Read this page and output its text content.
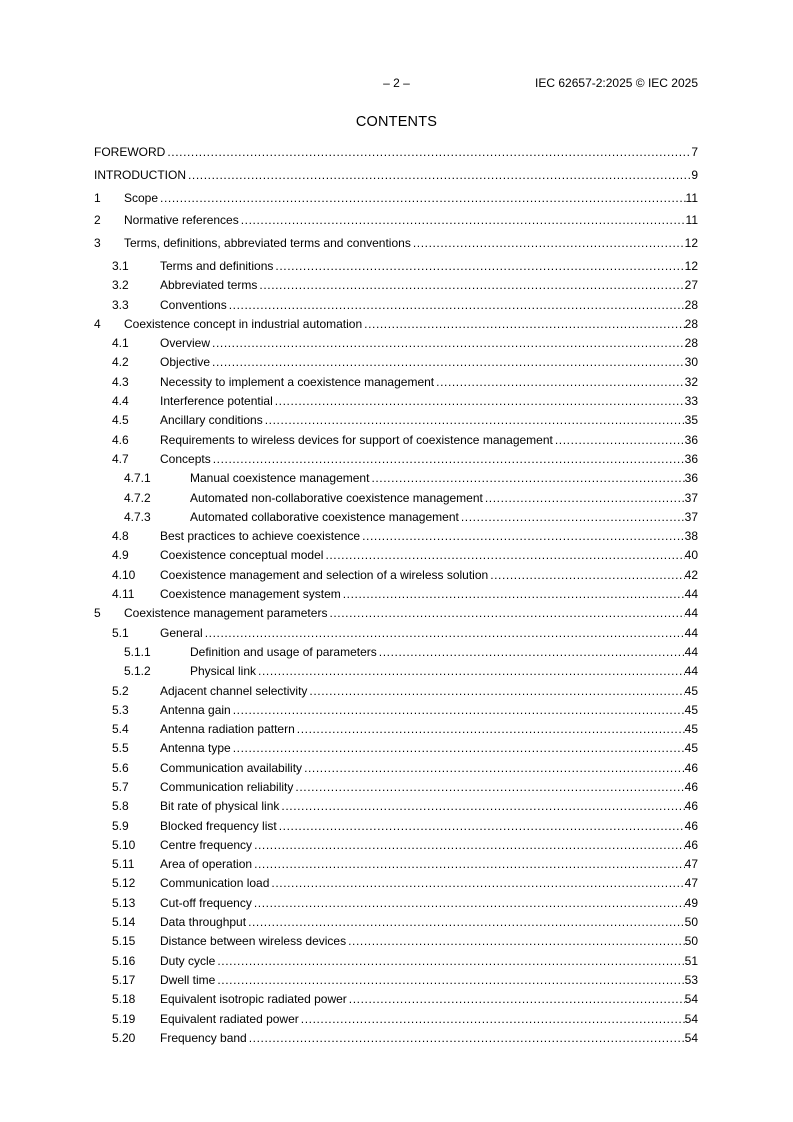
– 2 –	IEC 62657-2:2025 © IEC 2025
CONTENTS
FOREWORD .....	7
INTRODUCTION .....	9
1	Scope .....	11
2	Normative references .....	11
3	Terms, definitions, abbreviated terms and conventions .....	12
3.1	Terms and definitions .....	12
3.2	Abbreviated terms .....	27
3.3	Conventions .....	28
4	Coexistence concept in industrial automation .....	28
4.1	Overview .....	28
4.2	Objective .....	30
4.3	Necessity to implement a coexistence management .....	32
4.4	Interference potential .....	33
4.5	Ancillary conditions .....	35
4.6	Requirements to wireless devices for support of coexistence management .....	36
4.7	Concepts .....	36
4.7.1	Manual coexistence management .....	36
4.7.2	Automated non-collaborative coexistence management .....	37
4.7.3	Automated collaborative coexistence management .....	37
4.8	Best practices to achieve coexistence .....	38
4.9	Coexistence conceptual model .....	40
4.10	Coexistence management and selection of a wireless solution .....	42
4.11	Coexistence management system .....	44
5	Coexistence management parameters .....	44
5.1	General .....	44
5.1.1	Definition and usage of parameters .....	44
5.1.2	Physical link .....	44
5.2	Adjacent channel selectivity .....	45
5.3	Antenna gain .....	45
5.4	Antenna radiation pattern .....	45
5.5	Antenna type .....	45
5.6	Communication availability .....	46
5.7	Communication reliability .....	46
5.8	Bit rate of physical link .....	46
5.9	Blocked frequency list .....	46
5.10	Centre frequency .....	46
5.11	Area of operation .....	47
5.12	Communication load .....	47
5.13	Cut-off frequency .....	49
5.14	Data throughput .....	50
5.15	Distance between wireless devices .....	50
5.16	Duty cycle .....	51
5.17	Dwell time .....	53
5.18	Equivalent isotropic radiated power .....	54
5.19	Equivalent radiated power .....	54
5.20	Frequency band .....	54
